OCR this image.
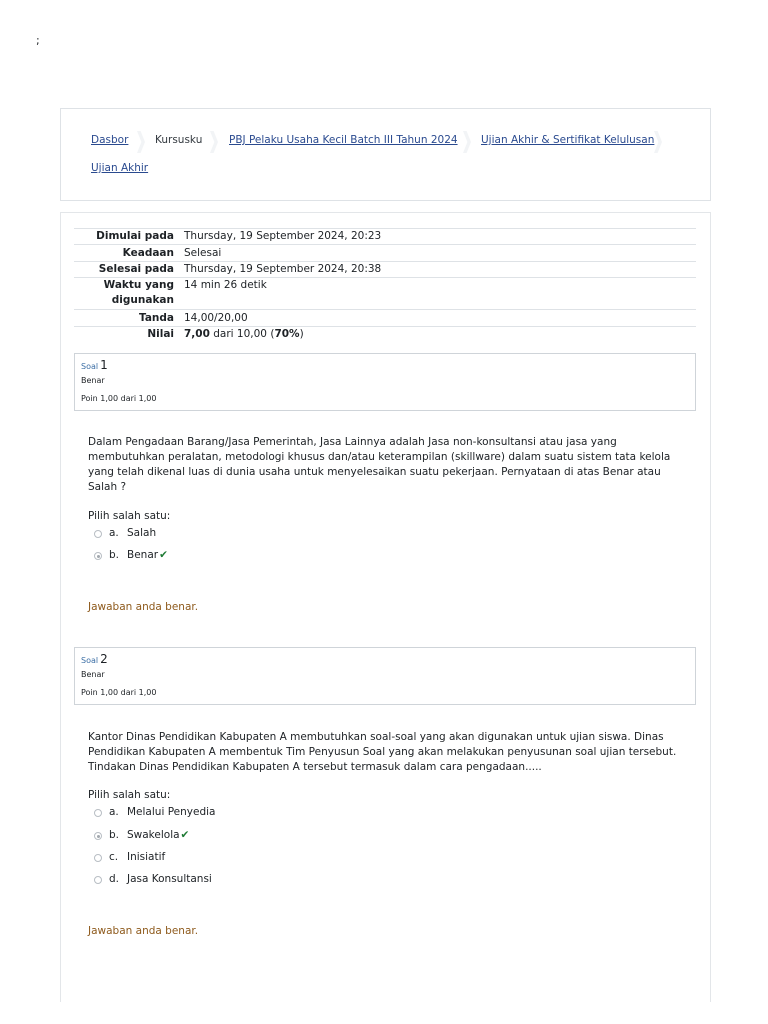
;
Dasbor	Kursusku	PBJ Pelaku Usaha Kecil Batch III Tahun 2024 Ujian Akhir & Sertifikat Kelulusan
Ujian Akhir
Dimulai pada Thursday, 19 September 2024, 20:23
Keadaan Selesai
Selesai pada Thursday, 19 September 2024, 20:38
Waktu yang
digunakan
14 min 26 detik
Tanda 14,00/20,00
Nilai 7,00 dari 10,00 (70%)
Soal 1
Benar
Poin 1,00 dari 1,00
Dalam Pengadaan Barang/Jasa Pemerintah, Jasa Lainnya adalah Jasa non-konsultansi atau jasa yang membutuhkan peralatan, metodologi khusus dan/atau keterampilan (skillware) dalam suatu sistem tata kelola yang telah dikenal luas di dunia usaha untuk menyelesaikan suatu pekerjaan. Pernyataan di atas Benar atau Salah ?
Pilih salah satu:
a. Salah
b. Benar✔
Jawaban anda benar.
Soal 2
Benar
Poin 1,00 dari 1,00
Kantor Dinas Pendidikan Kabupaten A membutuhkan soal-soal yang akan digunakan untuk ujian siswa. Dinas Pendidikan Kabupaten A membentuk Tim Penyusun Soal yang akan melakukan penyusunan soal ujian tersebut. Tindakan Dinas Pendidikan Kabupaten A tersebut termasuk dalam cara pengadaan.....
Pilih salah satu:
a. Melalui Penyedia
b. Swakelola✔
c. Inisiatif
d. Jasa Konsultansi
Jawaban anda benar.
